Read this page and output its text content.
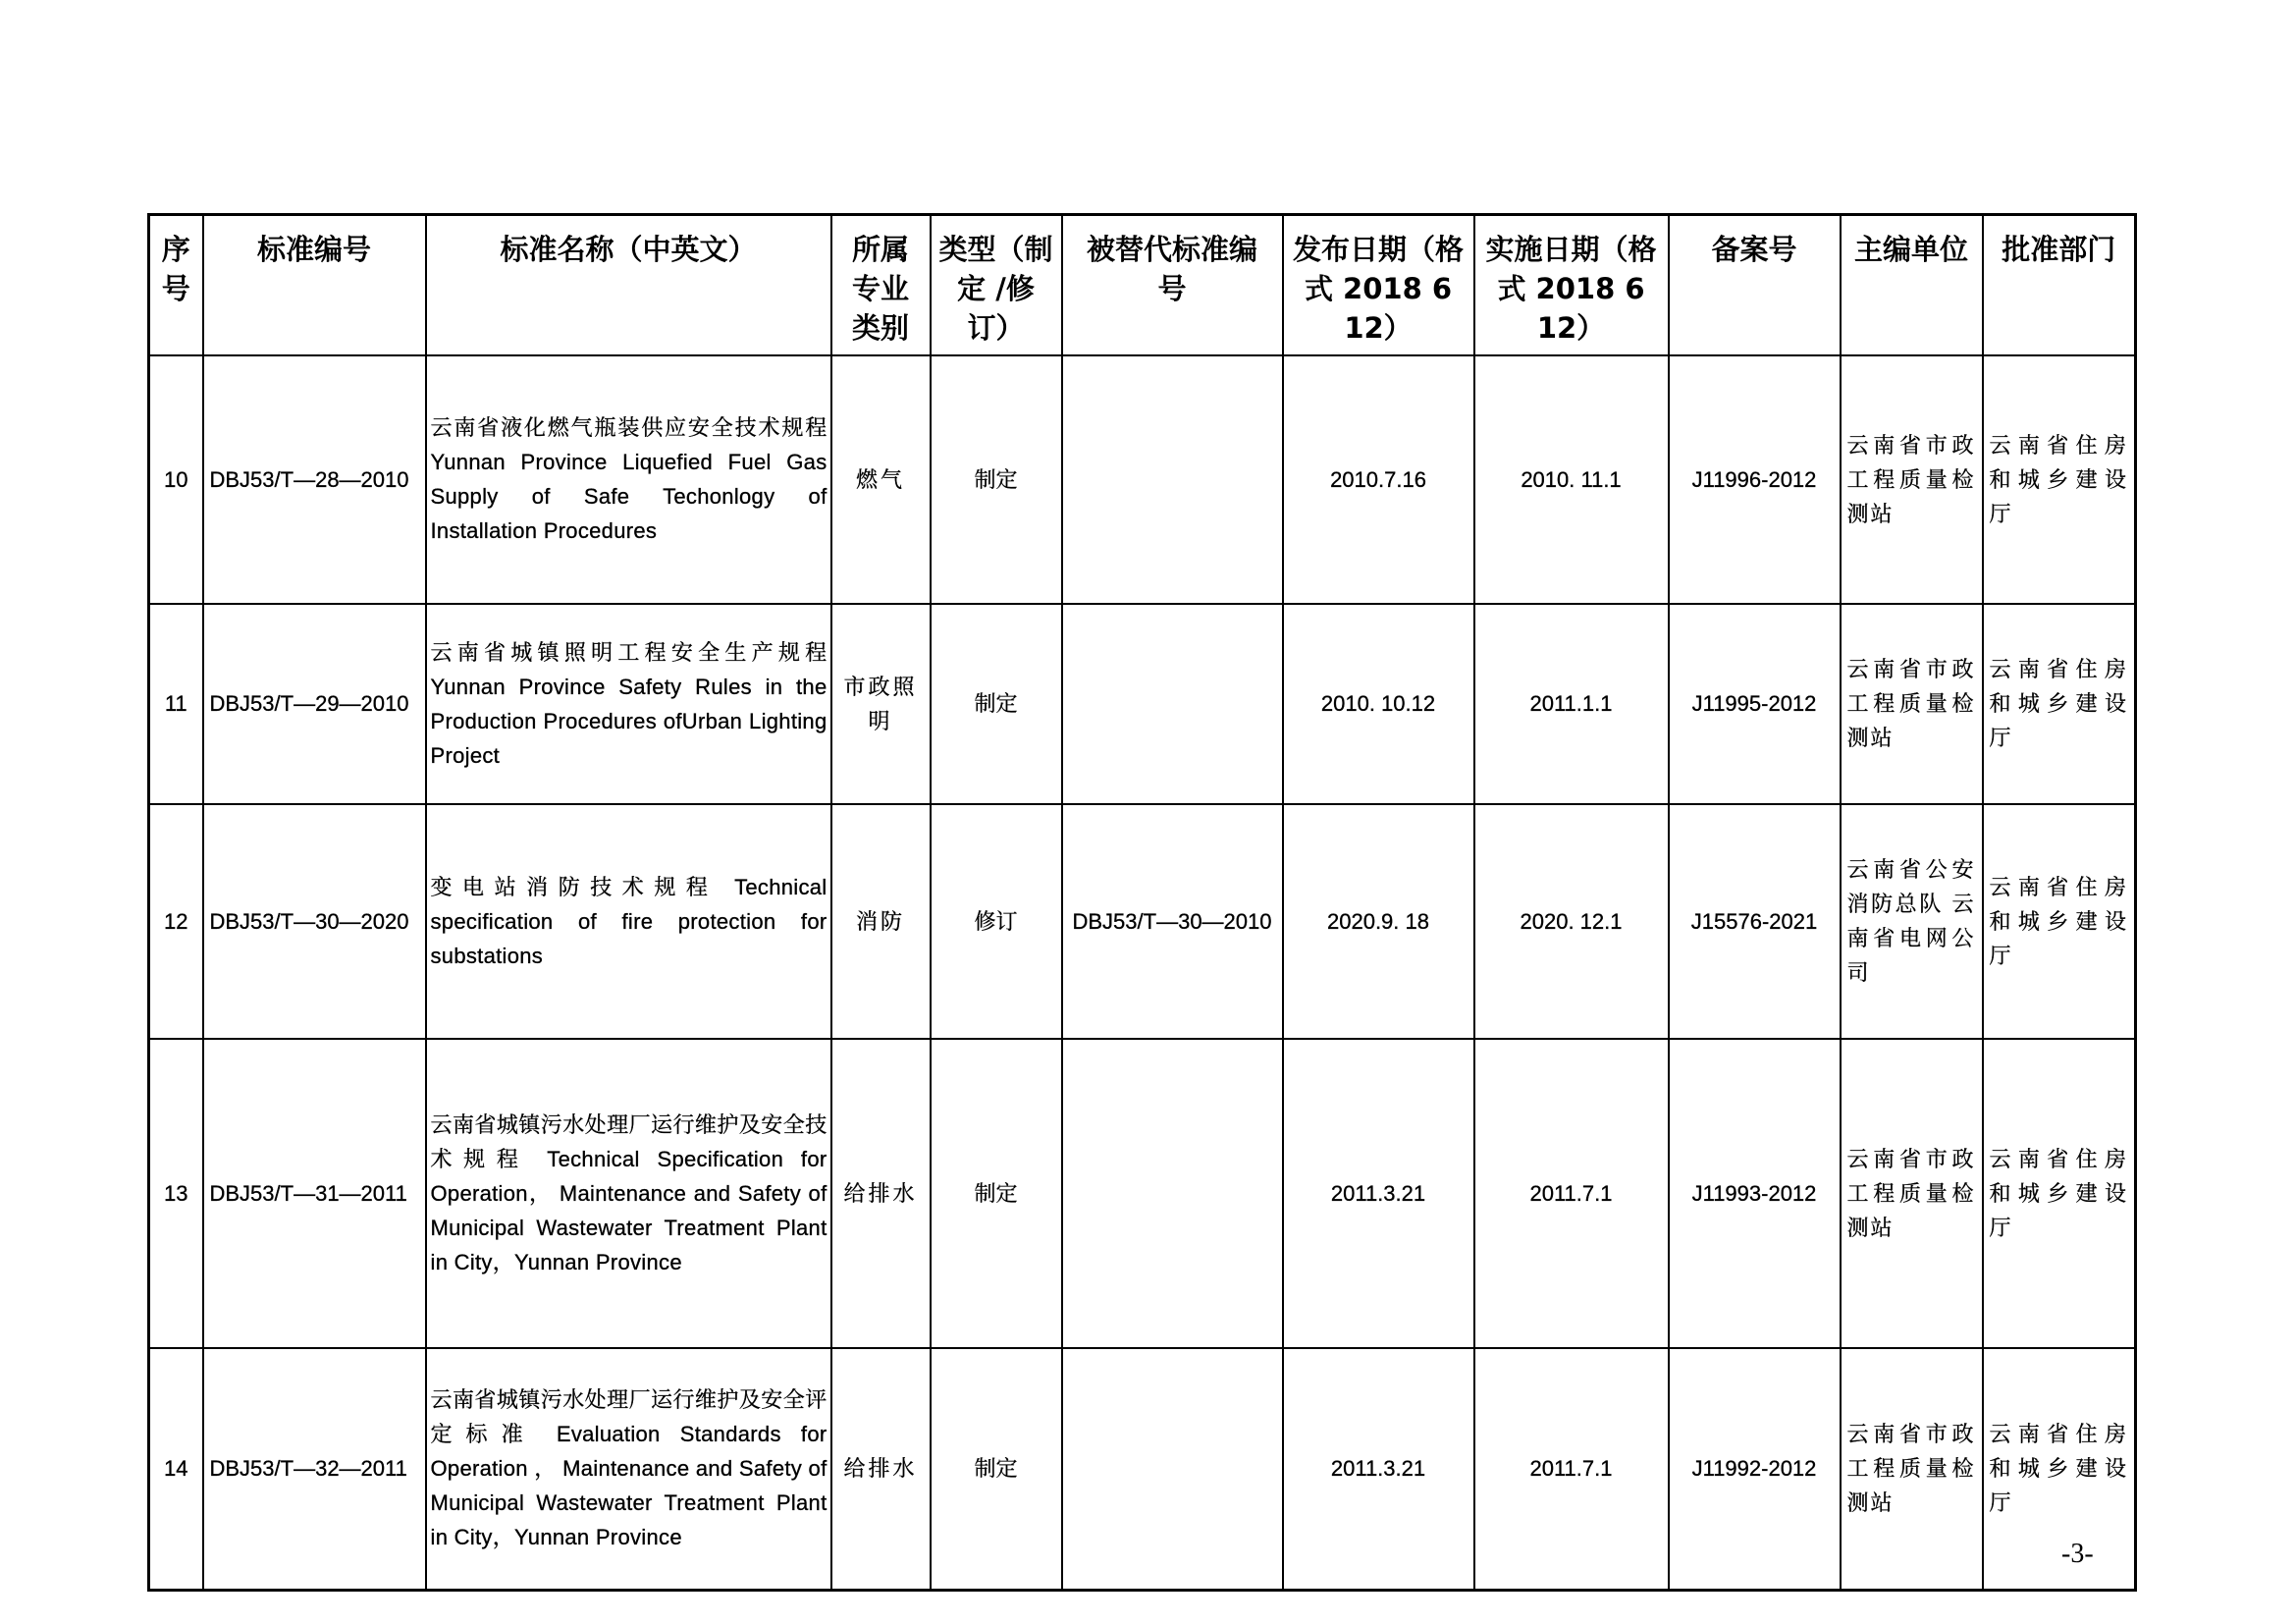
序号	标准编号	标准名称（中英文）	所属专业类别	类型（制定 /修订）	被替代标准编号	发布日期（格式 2018 6 12）	实施日期（格式 2018 6 12）	备案号	主编单位	批准部门

10	DBJ53/T—28—2010	云南省液化燃气瓶装供应安全技术规程 Yunnan Province Liquefied Fuel Gas Supply of Safe Techonlogy of Installation Procedures	燃气	制定		2010.7.16	2010. 11.1	J11996-2012	云南省市政工程质量检测站	云南省住房和城乡建设厅
11	DBJ53/T—29—2010	云南省城镇照明工程安全生产规程 Yunnan Province Safety Rules in the Production Procedures ofUrban Lighting Project	市政照明	制定		2010. 10.12	2011.1.1	J11995-2012	云南省市政工程质量检测站	云南省住房和城乡建设厅
12	DBJ53/T—30—2020	变电站消防技术规程 Technical specification of fire protection for substations	消防	修订	DBJ53/T—30—2010	2020.9. 18	2020. 12.1	J15576-2021	云南省公安消防总队 云南省电网公司	云南省住房和城乡建设厅
13	DBJ53/T—31—2011	云南省城镇污水处理厂运行维护及安全技术规程 Technical Specification for Operation， Maintenance and Safety of Municipal Wastewater Treatment Plant in City，Yunnan Province	给排水	制定		2011.3.21	2011.7.1	J11993-2012	云南省市政工程质量检测站	云南省住房和城乡建设厅
14	DBJ53/T—32—2011	云南省城镇污水处理厂运行维护及安全评定标准 Evaluation Standards for Operation ， Maintenance and Safety of Municipal Wastewater Treatment Plant in City，Yunnan Province	给排水	制定		2011.3.21	2011.7.1	J11992-2012	云南省市政工程质量检测站	云南省住房和城乡建设厅
-3-
